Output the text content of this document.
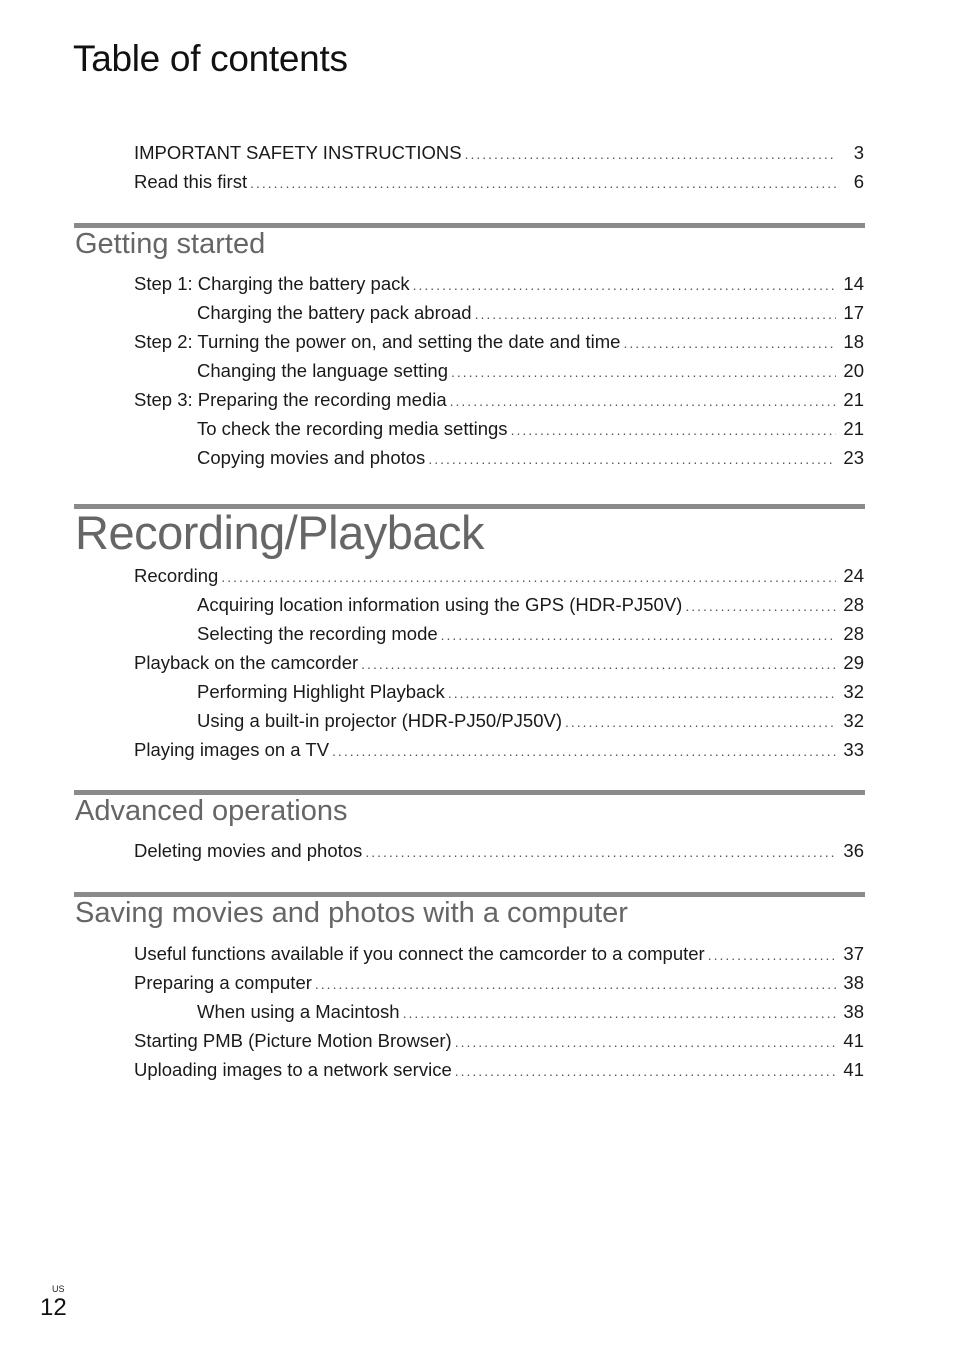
Table of contents
IMPORTANT SAFETY INSTRUCTIONS .....	3
Read this first .....	6
Getting started
Step 1: Charging the battery pack .....	14
Charging the battery pack abroad .....	17
Step 2: Turning the power on, and setting the date and time .....	18
Changing the language setting .....	20
Step 3: Preparing the recording media .....	21
To check the recording media settings .....	21
Copying movies and photos .....	23
Recording/Playback
Recording .....	24
Acquiring location information using the GPS (HDR-PJ50V) .....	28
Selecting the recording mode .....	28
Playback on the camcorder .....	29
Performing Highlight Playback .....	32
Using a built-in projector (HDR-PJ50/PJ50V) .....	32
Playing images on a TV .....	33
Advanced operations
Deleting movies and photos .....	36
Saving movies and photos with a computer
Useful functions available if you connect the camcorder to a computer .....	37
Preparing a computer .....	38
When using a Macintosh .....	38
Starting PMB (Picture Motion Browser) .....	41
Uploading images to a network service .....	41
US
12
